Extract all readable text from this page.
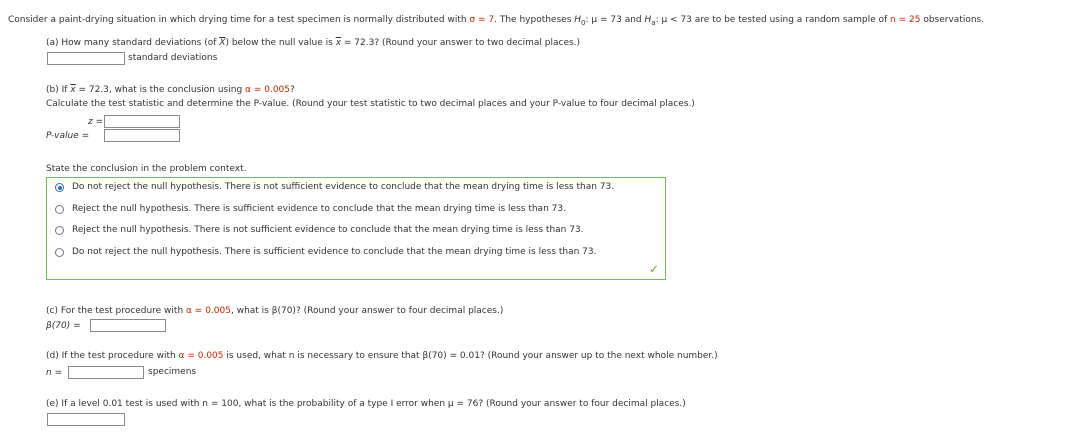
Consider a paint-drying situation in which drying time for a test specimen is normally distributed with σ = 7. The hypotheses $H_0$: μ = 73 and $H_a$: μ < 73 are to be tested using a random sample of n = 25 observations.
(a) How many standard deviations (of $\overline{X}$) below the null value is $\overline{x} = 72.3$? (Round your answer to two decimal places.)
standard deviations
(b) If $\overline{x} = 72.3$, what is the conclusion using α = 0.005?
Calculate the test statistic and determine the P-value. (Round your test statistic to two decimal places and your P-value to four decimal places.)
z =
P-value =
State the conclusion in the problem context.
Do not reject the null hypothesis. There is not sufficient evidence to conclude that the mean drying time is less than 73.
Reject the null hypothesis. There is sufficient evidence to conclude that the mean drying time is less than 73.
Reject the null hypothesis. There is not sufficient evidence to conclude that the mean drying time is less than 73.
Do not reject the null hypothesis. There is sufficient evidence to conclude that the mean drying time is less than 73.
✓
(c) For the test procedure with α = 0.005, what is β(70)? (Round your answer to four decimal places.)
β(70) =
(d) If the test procedure with α = 0.005 is used, what n is necessary to ensure that β(70) = 0.01? (Round your answer up to the next whole number.)
n =	specimens
(e) If a level 0.01 test is used with n = 100, what is the probability of a type I error when μ = 76? (Round your answer to four decimal places.)
